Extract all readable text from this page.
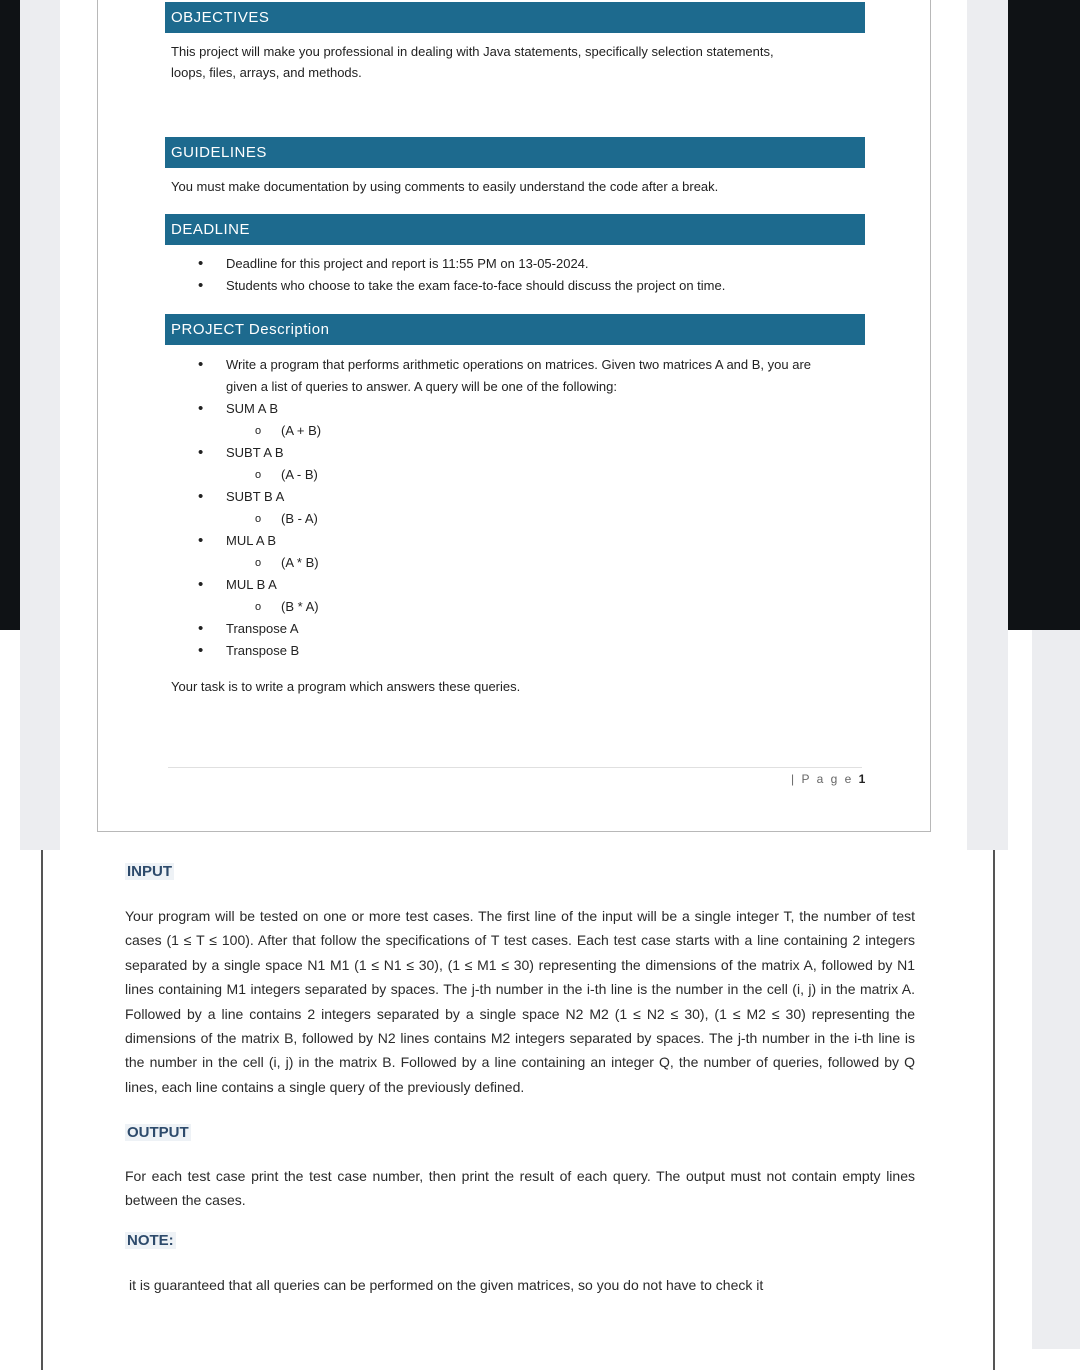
OBJECTIVES
This project will make you professional in dealing with Java statements, specifically selection statements, loops, files, arrays, and methods.
GUIDELINES
You must make documentation by using comments to easily understand the code after a break.
DEADLINE
• Deadline for this project and report is 11:55 PM on 13-05-2024.
• Students who choose to take the exam face-to-face should discuss the project on time.
PROJECT Description
• Write a program that performs arithmetic operations on matrices. Given two matrices A and B, you are given a list of queries to answer. A query will be one of the following:
• SUM A B
o (A + B)
• SUBT A B
o (A - B)
• SUBT B A
o (B - A)
• MUL A B
o (A * B)
• MUL B A
o (B * A)
• Transpose A
• Transpose B
Your task is to write a program which answers these queries.
| P a g e 1
INPUT
Your program will be tested on one or more test cases. The first line of the input will be a single integer T, the number of test cases (1 ≤ T ≤ 100). After that follow the specifications of T test cases. Each test case starts with a line containing 2 integers separated by a single space N1 M1 (1 ≤ N1 ≤ 30), (1 ≤ M1 ≤ 30) representing the dimensions of the matrix A, followed by N1 lines containing M1 integers separated by spaces. The j-th number in the i-th line is the number in the cell (i, j) in the matrix A. Followed by a line contains 2 integers separated by a single space N2 M2 (1 ≤ N2 ≤ 30), (1 ≤ M2 ≤ 30) representing the dimensions of the matrix B, followed by N2 lines contains M2 integers separated by spaces. The j-th number in the i-th line is the number in the cell (i, j) in the matrix B. Followed by a line containing an integer Q, the number of queries, followed by Q lines, each line contains a single query of the previously defined.
OUTPUT
For each test case print the test case number, then print the result of each query. The output must not contain empty lines between the cases.
NOTE:
it is guaranteed that all queries can be performed on the given matrices, so you do not have to check it
